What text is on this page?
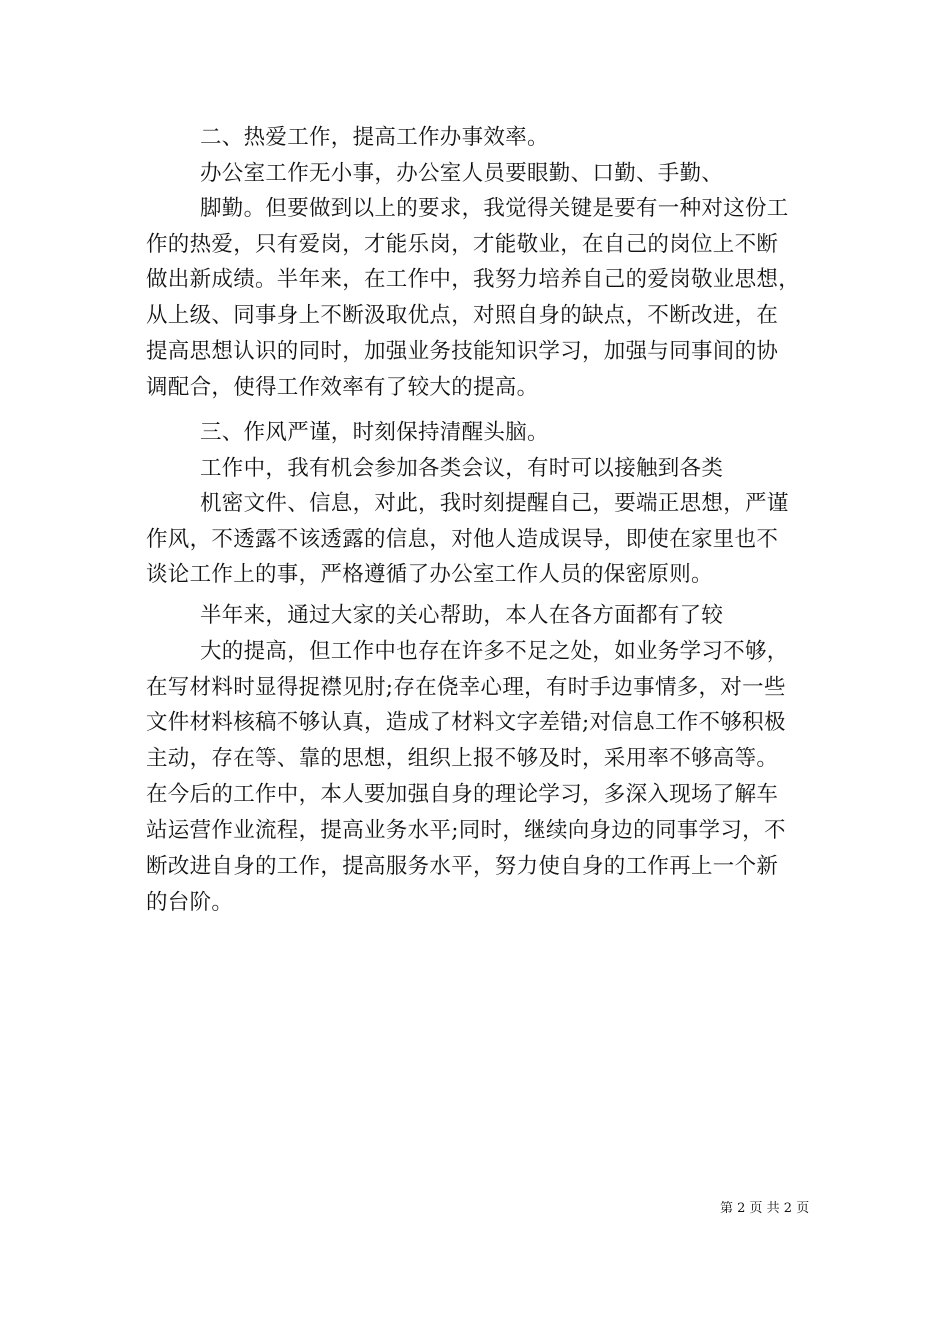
二、热爱工作，提高工作办事效率。
办公室工作无小事，办公室人员要眼勤、口勤、手勤、
脚勤。但要做到以上的要求，我觉得关键是要有一种对这份工
作的热爱，只有爱岗，才能乐岗，才能敬业，在自己的岗位上不断
做出新成绩。半年来，在工作中，我努力培养自己的爱岗敬业思想，
从上级、同事身上不断汲取优点，对照自身的缺点，不断改进，在
提高思想认识的同时，加强业务技能知识学习，加强与同事间的协
调配合，使得工作效率有了较大的提高。
三、作风严谨，时刻保持清醒头脑。
工作中，我有机会参加各类会议，有时可以接触到各类
机密文件、信息，对此，我时刻提醒自己，要端正思想，严谨
作风，不透露不该透露的信息，对他人造成误导，即使在家里也不
谈论工作上的事，严格遵循了办公室工作人员的保密原则。
半年来，通过大家的关心帮助，本人在各方面都有了较
大的提高，但工作中也存在许多不足之处，如业务学习不够，
在写材料时显得捉襟见肘;存在侥幸心理，有时手边事情多，对一些
文件材料核稿不够认真，造成了材料文字差错;对信息工作不够积极
主动，存在等、靠的思想，组织上报不够及时，采用率不够高等。
在今后的工作中，本人要加强自身的理论学习，多深入现场了解车
站运营作业流程，提高业务水平;同时，继续向身边的同事学习，不
断改进自身的工作，提高服务水平，努力使自身的工作再上一个新
的台阶。
第 2 页 共 2 页
